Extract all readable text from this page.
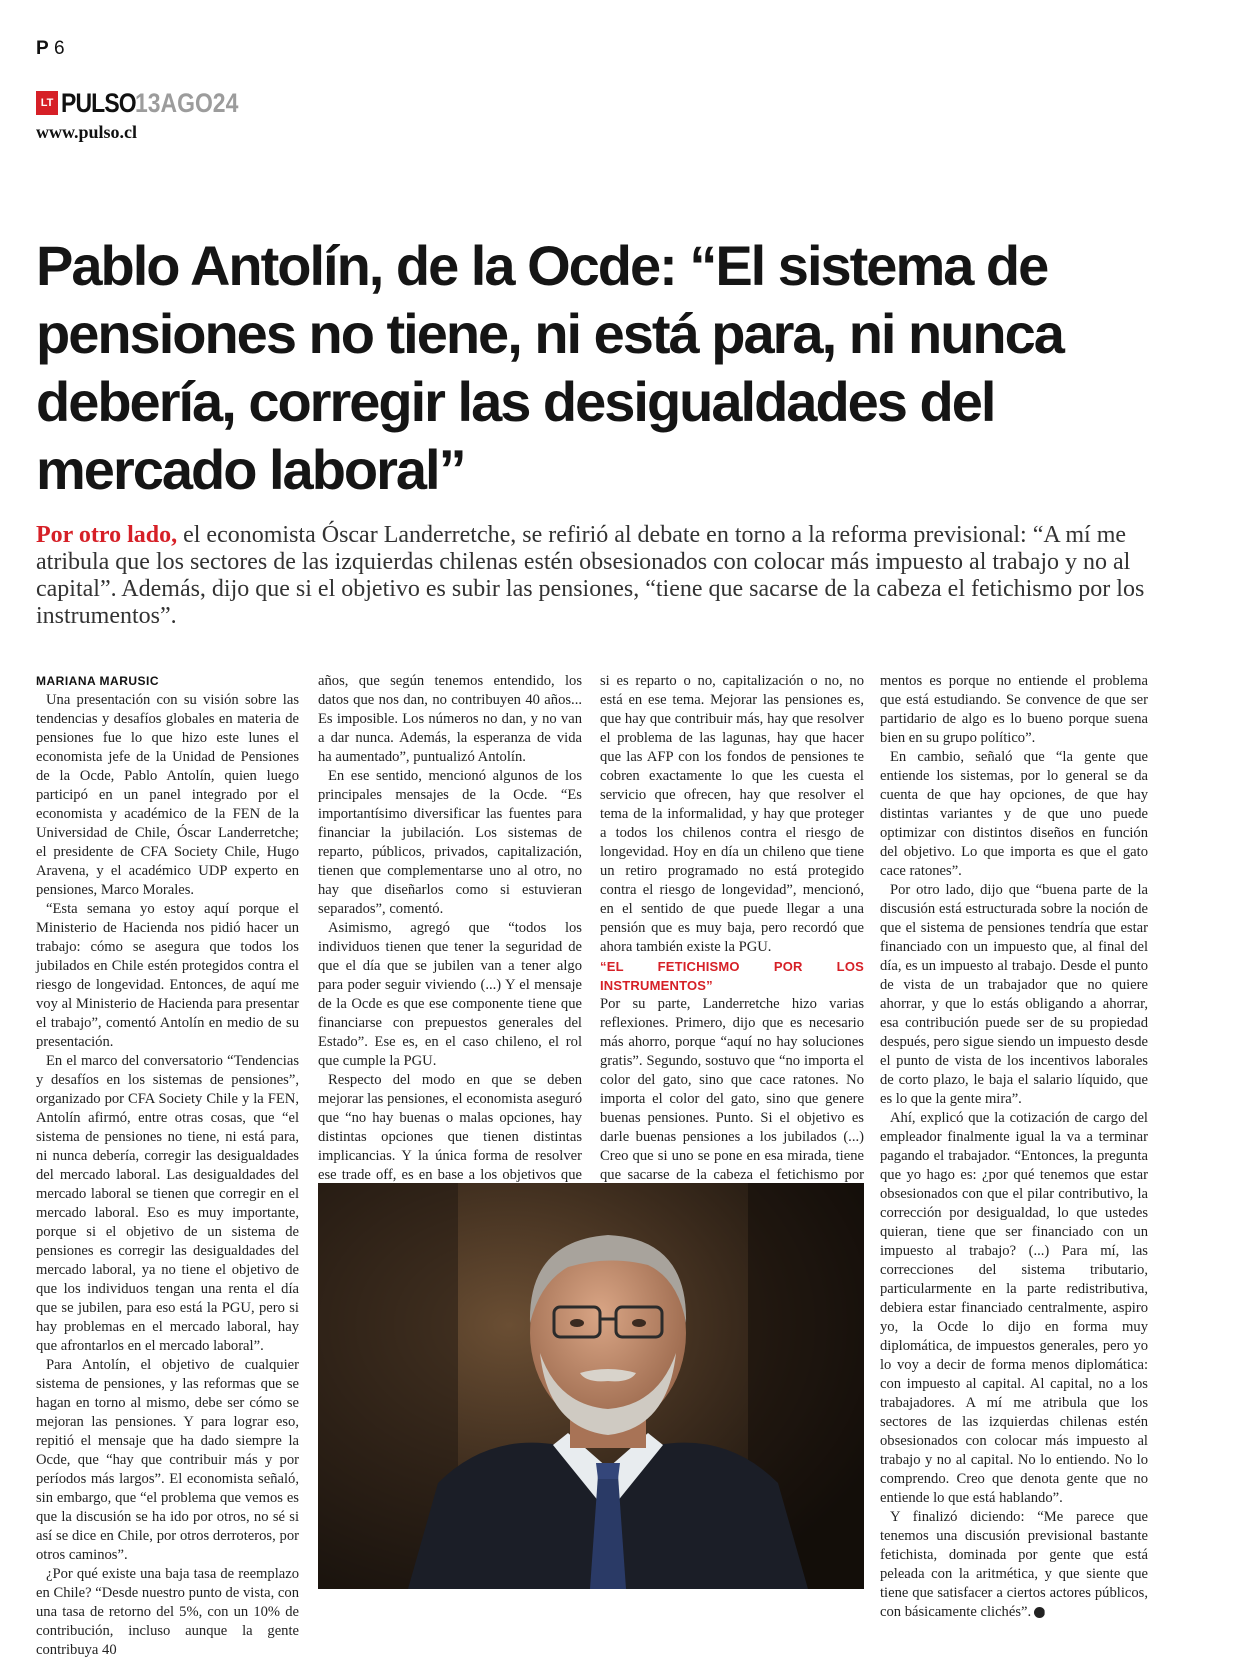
P 6
LT PULSO 13AGO24
www.pulso.cl
Pablo Antolín, de la Ocde: “El sistema de pensiones no tiene, ni está para, ni nunca debería, corregir las desigualdades del mercado laboral”

Por otro lado, el economista Óscar Landerretche, se refirió al debate en torno a la reforma previsional: “A mí me atribula que los sectores de las izquierdas chilenas estén obsesionados con colocar más impuesto al trabajo y no al capital”. Además, dijo que si el objetivo es subir las pensiones, “tiene que sacarse de la cabeza el fetichismo por los instrumentos”.

MARIANA MARUSIC

Una presentación con su visión sobre las tendencias y desafíos globales en materia de pensiones fue lo que hizo este lunes el economista jefe de la Unidad de Pensiones de la Ocde, Pablo Antolín, quien luego participó en un panel integrado por el economista y académico de la FEN de la Universidad de Chile, Óscar Landerretche; el presidente de CFA Society Chile, Hugo Aravena, y el académico UDP experto en pensiones, Marco Morales.

“Esta semana yo estoy aquí porque el Ministerio de Hacienda nos pidió hacer un trabajo: cómo se asegura que todos los jubilados en Chile estén protegidos contra el riesgo de longevidad. Entonces, de aquí me voy al Ministerio de Hacienda para presentar el trabajo”, comentó Antolín en medio de su presentación.

En el marco del conversatorio “Tendencias y desafíos en los sistemas de pensiones”, organizado por CFA Society Chile y la FEN, Antolín afirmó, entre otras cosas, que “el sistema de pensiones no tiene, ni está para, ni nunca debería, corregir las desigualdades del mercado laboral. Las desigualdades del mercado laboral se tienen que corregir en el mercado laboral. Eso es muy importante, porque si el objetivo de un sistema de pensiones es corregir las desigualdades del mercado laboral, ya no tiene el objetivo de que los individuos tengan una renta el día que se jubilen, para eso está la PGU, pero si hay problemas en el mercado laboral, hay que afrontarlos en el mercado laboral”.

Para Antolín, el objetivo de cualquier sistema de pensiones, y las reformas que se hagan en torno al mismo, debe ser cómo se mejoran las pensiones. Y para lograr eso, repitió el mensaje que ha dado siempre la Ocde, que “hay que contribuir más y por períodos más largos”. El economista señaló, sin embargo, que “el problema que vemos es que la discusión se ha ido por otros, no sé si así se dice en Chile, por otros derroteros, por otros caminos”.

¿Por qué existe una baja tasa de reemplazo en Chile? “Desde nuestro punto de vista, con una tasa de retorno del 5%, con un 10% de contribución, incluso aunque la gente contribuya 40

años, que según tenemos entendido, los datos que nos dan, no contribuyen 40 años... Es imposible. Los números no dan, y no van a dar nunca. Además, la esperanza de vida ha aumentado”, puntualizó Antolín.

En ese sentido, mencionó algunos de los principales mensajes de la Ocde. “Es importantísimo diversificar las fuentes para financiar la jubilación. Los sistemas de reparto, públicos, privados, capitalización, tienen que complementarse uno al otro, no hay que diseñarlos como si estuvieran separados”, comentó.

Asimismo, agregó que “todos los individuos tienen que tener la seguridad de que el día que se jubilen van a tener algo para poder seguir viviendo (...) Y el mensaje de la Ocde es que ese componente tiene que financiarse con prepuestos generales del Estado”. Ese es, en el caso chileno, el rol que cumple la PGU.

Respecto del modo en que se deben mejorar las pensiones, el economista aseguró que “no hay buenas o malas opciones, hay distintas opciones que tienen distintas implicancias. Y la única forma de resolver ese trade off, es en base a los objetivos que

si es reparto o no, capitalización o no, no está en ese tema. Mejorar las pensiones es, que hay que contribuir más, hay que resolver el problema de las lagunas, hay que hacer que las AFP con los fondos de pensiones te cobren exactamente lo que les cuesta el servicio que ofrecen, hay que resolver el tema de la informalidad, y hay que proteger a todos los chilenos contra el riesgo de longevidad. Hoy en día un chileno que tiene un retiro programado no está protegido contra el riesgo de longevidad”, mencionó, en el sentido de que puede llegar a una pensión que es muy baja, pero recordó que ahora también existe la PGU.

“EL FETICHISMO POR LOS INSTRUMENTOS”

Por su parte, Landerretche hizo varias reflexiones. Primero, dijo que es necesario más ahorro, porque “aquí no hay soluciones gratis”. Segundo, sostuvo que “no importa el color del gato, sino que cace ratones. No importa el color del gato, sino que genere buenas pensiones. Punto. Si el objetivo es darle buenas pensiones a los jubilados (...) Creo que si uno se pone en esa mirada, tiene que sacarse de la cabeza el fetichismo por

mentos es porque no entiende el problema que está estudiando. Se convence de que ser partidario de algo es lo bueno porque suena bien en su grupo político”.

En cambio, señaló que “la gente que entiende los sistemas, por lo general se da cuenta de que hay opciones, de que hay distintas variantes y de que uno puede optimizar con distintos diseños en función del objetivo. Lo que importa es que el gato cace ratones”.

Por otro lado, dijo que “buena parte de la discusión está estructurada sobre la noción de que el sistema de pensiones tendría que estar financiado con un impuesto que, al final del día, es un impuesto al trabajo. Desde el punto de vista de un trabajador que no quiere ahorrar, y que lo estás obligando a ahorrar, esa contribución puede ser de su propiedad después, pero sigue siendo un impuesto desde el punto de vista de los incentivos laborales de corto plazo, le baja el salario líquido, que es lo que la gente mira”.

Ahí, explicó que la cotización de cargo del empleador finalmente igual la va a terminar pagando el trabajador. “Entonces, la pregunta que yo hago es: ¿por qué tenemos que estar obsesionados con que el pilar contributivo, la corrección por desigualdad, lo que ustedes quieran, tiene que ser financiado con un impuesto al trabajo? (...) Para mí, las correcciones del sistema tributario, particularmente en la parte redistributiva, debiera estar financiado centralmente, aspiro yo, la Ocde lo dijo en forma muy diplomática, de impuestos generales, pero yo lo voy a decir de forma menos diplomática: con impuesto al capital. Al capital, no a los trabajadores. A mí me atribula que los sectores de las izquierdas chilenas estén obsesionados con colocar más impuesto al trabajo y no al capital. No lo entiendo. No lo comprendo. Creo que denota gente que no entiende lo que está hablando”.

Y finalizó diciendo: “Me parece que tenemos una discusión previsional bastante fetichista, dominada por gente que está peleada con la aritmética, y que siente que tiene que satisfacer a ciertos actores públicos, con básicamente clichés”. P
